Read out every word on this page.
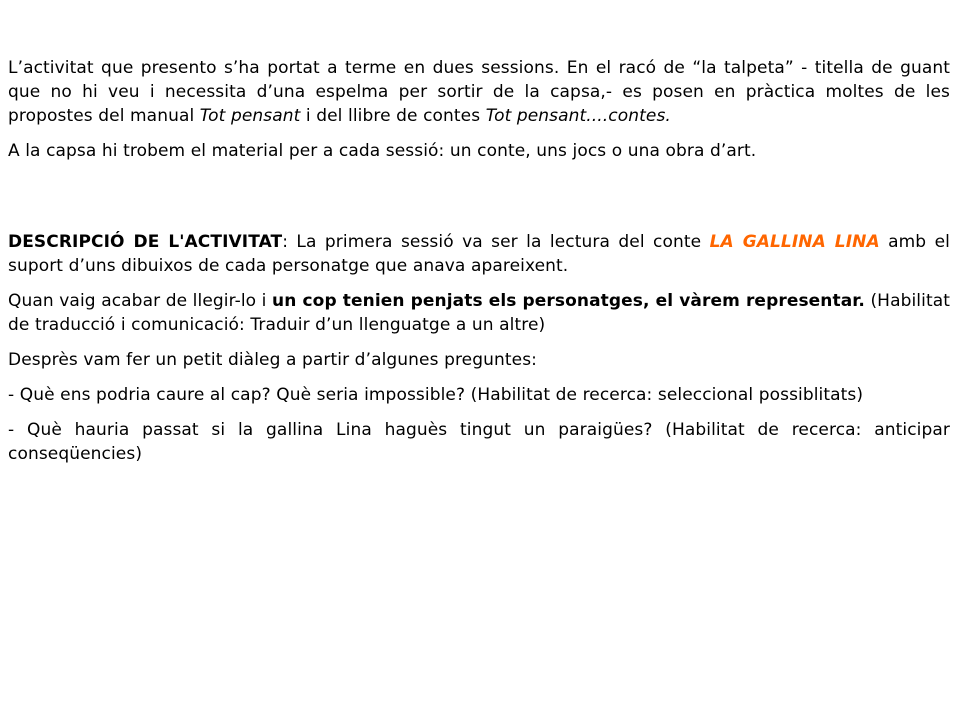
L’activitat que presento s’ha portat a terme en dues sessions. En el racó de “la talpeta” - titella de guant que no hi veu i necessita d’una espelma per sortir de la capsa,- es posen en pràctica moltes de les propostes del manual Tot pensant i del llibre de contes Tot pensant....contes.

A la capsa hi trobem el material per a cada sessió: un conte, uns jocs o una obra d’art.

DESCRIPCIÓ DE L'ACTIVITAT: La primera sessió va ser la lectura del conte LA GALLINA LINA amb el suport d’uns dibuixos de cada personatge que anava apareixent.

Quan vaig acabar de llegir-lo i un cop tenien penjats els personatges, el vàrem representar. (Habilitat de traducció i comunicació: Traduir d’un llenguatge a un altre)

Desprès vam fer un petit diàleg a partir d’algunes preguntes:

- Què ens podria caure al cap? Què seria impossible? (Habilitat de recerca: seleccional possiblitats)

- Què hauria passat si la gallina Lina haguès tingut un paraigües? (Habilitat de recerca: anticipar conseqüencies)
